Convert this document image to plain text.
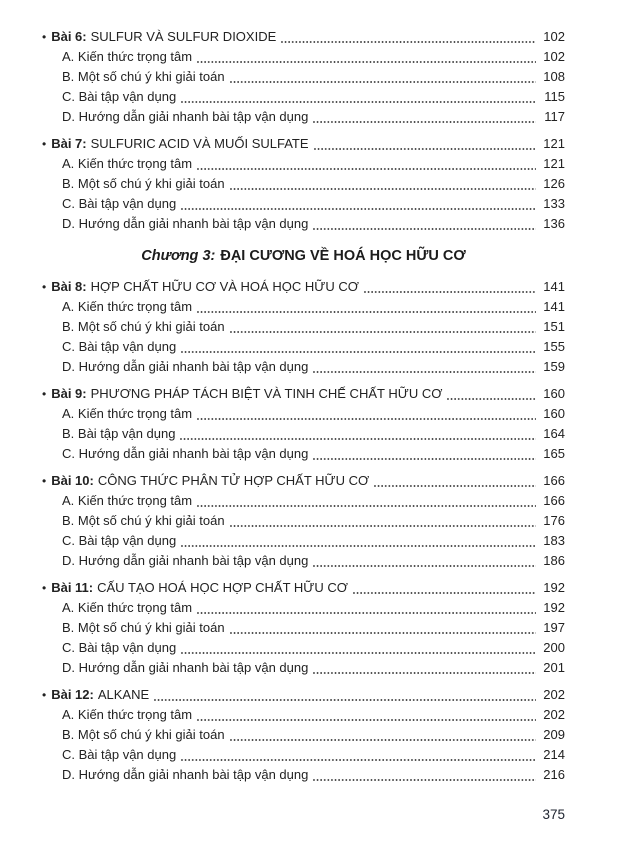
• Bài 6: SULFUR VÀ SULFUR DIOXIDE	102
A. Kiến thức trọng tâm	102
B. Một số chú ý khi giải toán	108
C. Bài tập vận dụng	115
D. Hướng dẫn giải nhanh bài tập vận dụng	117
• Bài 7: SULFURIC ACID VÀ MUỐI SULFATE	121
A. Kiến thức trọng tâm	121
B. Một số chú ý khi giải toán	126
C. Bài tập vận dụng	133
D. Hướng dẫn giải nhanh bài tập vận dụng	136
Chương 3: ĐẠI CƯƠNG VỀ HOÁ HỌC HỮU CƠ
• Bài 8: HỢP CHẤT HỮU CƠ VÀ HOÁ HỌC HỮU CƠ	141
A. Kiến thức trọng tâm	141
B. Một số chú ý khi giải toán	151
C. Bài tập vận dụng	155
D. Hướng dẫn giải nhanh bài tập vận dụng	159
• Bài 9: PHƯƠNG PHÁP TÁCH BIỆT VÀ TINH CHẾ CHẤT HỮU CƠ	160
A. Kiến thức trọng tâm	160
B. Bài tập vận dụng	164
C. Hướng dẫn giải nhanh bài tập vận dụng	165
• Bài 10: CÔNG THỨC PHÂN TỬ HỢP CHẤT HỮU CƠ	166
A. Kiến thức trọng tâm	166
B. Một số chú ý khi giải toán	176
C. Bài tập vận dụng	183
D. Hướng dẫn giải nhanh bài tập vận dụng	186
• Bài 11: CẤU TẠO HOÁ HỌC HỢP CHẤT HỮU CƠ	192
A. Kiến thức trọng tâm	192
B. Một số chú ý khi giải toán	197
C. Bài tập vận dụng	200
D. Hướng dẫn giải nhanh bài tập vận dụng	201
• Bài 12: ALKANE	202
A. Kiến thức trọng tâm	202
B. Một số chú ý khi giải toán	209
C. Bài tập vận dụng	214
D. Hướng dẫn giải nhanh bài tập vận dụng	216
375
